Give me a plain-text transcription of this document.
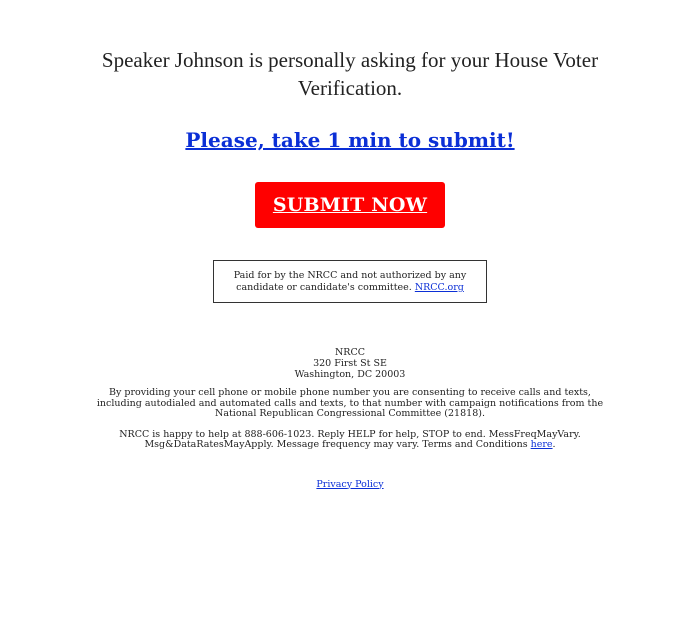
Speaker Johnson is personally asking for your House Voter Verification.
Please, take 1 min to submit!
SUBMIT NOW
Paid for by the NRCC and not authorized by any candidate or candidate's committee. NRCC.org
NRCC
320 First St SE
Washington, DC 20003
By providing your cell phone or mobile phone number you are consenting to receive calls and texts, including autodialed and automated calls and texts, to that number with campaign notifications from the National Republican Congressional Committee (21818).
NRCC is happy to help at 888-606-1023. Reply HELP for help, STOP to end. MessFreqMayVary. Msg&DataRatesMayApply. Message frequency may vary. Terms and Conditions here.
Privacy Policy
